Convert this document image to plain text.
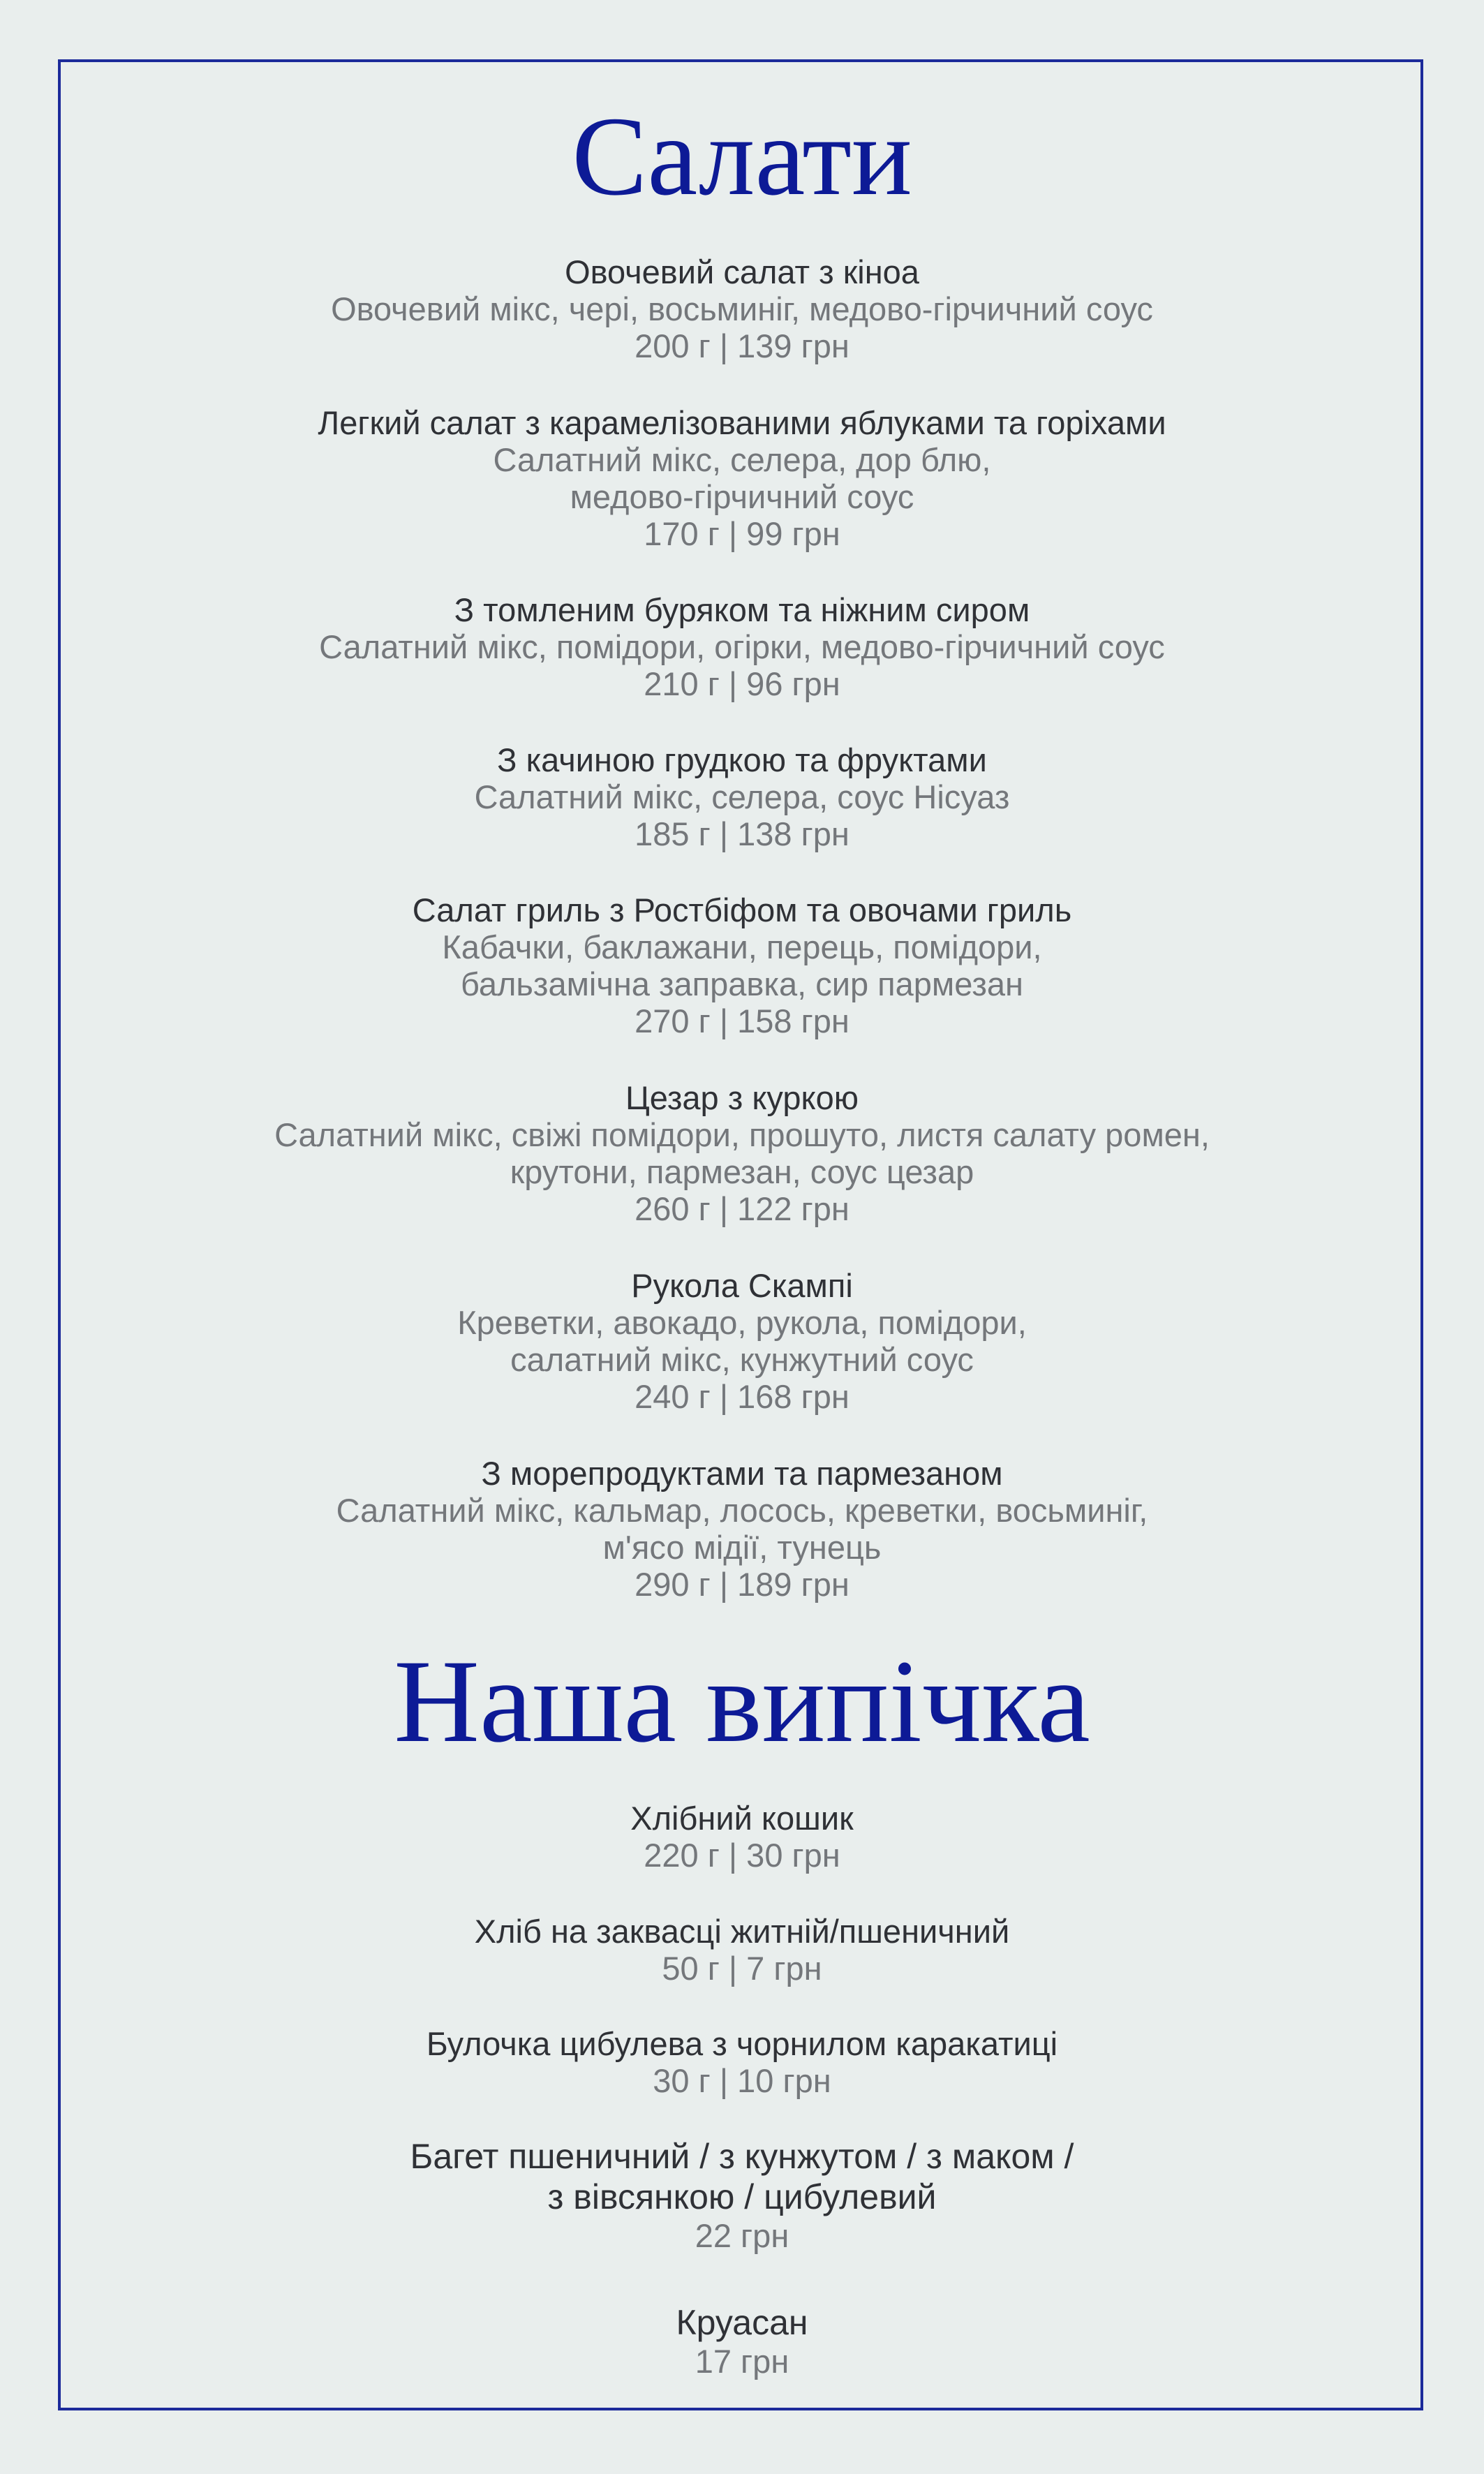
Салати
Овочевий салат з кіноа
Овочевий мікс, чері, восьминіг, медово-гірчичний соус
200 г | 139 грн
Легкий салат з карамелізованими яблуками та горіхами
Салатний мікс, селера, дор блю,
медово-гірчичний соус
170 г | 99 грн
З томленим буряком та ніжним сиром
Салатний мікс, помідори, огірки, медово-гірчичний соус
210 г | 96 грн
З качиною грудкою та фруктами
Салатний мікс, селера, соус Нісуаз
185 г | 138 грн
Салат гриль з Ростбіфом та овочами гриль
Кабачки, баклажани, перець, помідори,
бальзамічна заправка, сир пармезан
270 г | 158 грн
Цезар з куркою
Салатний мікс, свіжі помідори, прошуто, листя салату ромен,
крутони, пармезан, соус цезар
260 г | 122 грн
Рукола Скампі
Креветки, авокадо, рукола, помідори,
салатний мікс, кунжутний соус
240 г | 168 грн
З морепродуктами та пармезаном
Салатний мікс, кальмар, лосось, креветки, восьминіг,
м'ясо мідії, тунець
290 г | 189 грн
Наша випічка
Хлібний кошик
220 г | 30 грн
Хліб на заквасці житній/пшеничний
50 г | 7 грн
Булочка цибулева з чорнилом каракатиці
30 г | 10 грн
Багет пшеничний / з кунжутом / з маком /
з вівсянкою / цибулевий
22 грн
Круасан
17 грн
